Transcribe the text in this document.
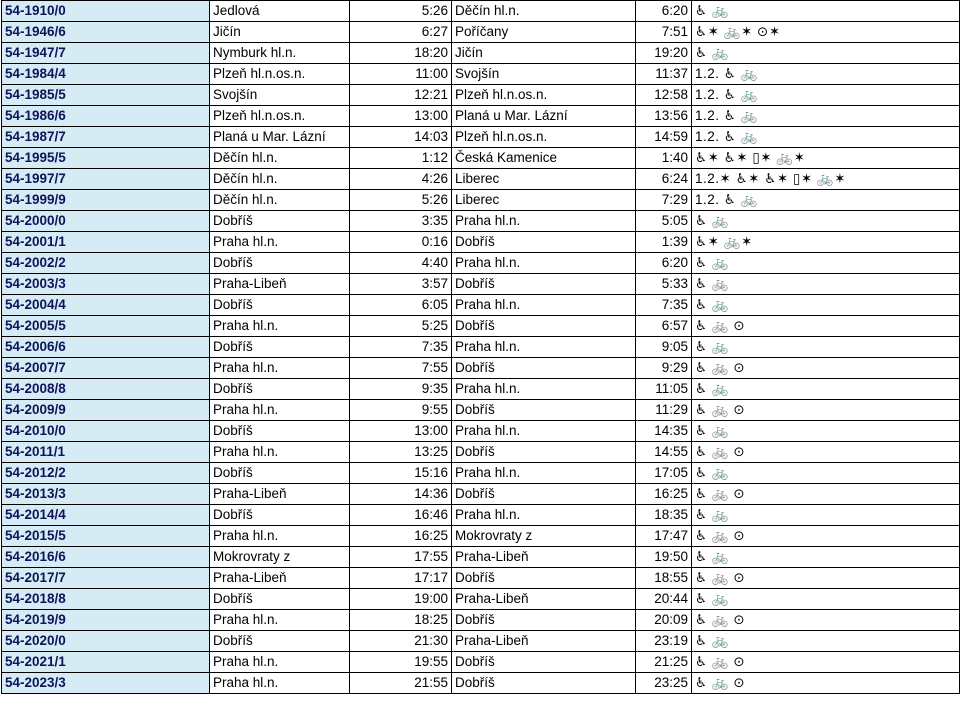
54-1910/0	Jedlová	5:26	Děčín hl.n.	6:20	♿ 🚲
54-1946/6	Jičín	6:27	Poříčany	7:51	♿✶ 🚲✶ ⊙✶
54-1947/7	Nymburk hl.n.	18:20	Jičín	19:20	♿ 🚲
54-1984/4	Plzeň hl.n.os.n.	11:00	Svojšín	11:37	1.2. ♿ 🚲
54-1985/5	Svojšín	12:21	Plzeň hl.n.os.n.	12:58	1.2. ♿ 🚲
54-1986/6	Plzeň hl.n.os.n.	13:00	Planá u Mar. Lázní	13:56	1.2. ♿ 🚲
54-1987/7	Planá u Mar. Lázní	14:03	Plzeň hl.n.os.n.	14:59	1.2. ♿ 🚲
54-1995/5	Děčín hl.n.	1:12	Česká Kamenice	1:40	♿✶ ♿✶ ▯✶ 🚲✶
54-1997/7	Děčín hl.n.	4:26	Liberec	6:24	1.2.✶ ♿✶ ♿✶ ▯✶ 🚲✶
54-1999/9	Děčín hl.n.	5:26	Liberec	7:29	1.2. ♿ 🚲
54-2000/0	Dobříš	3:35	Praha hl.n.	5:05	♿ 🚲
54-2001/1	Praha hl.n.	0:16	Dobříš	1:39	♿✶ 🚲✶
54-2002/2	Dobříš	4:40	Praha hl.n.	6:20	♿ 🚲
54-2003/3	Praha-Libeň	3:57	Dobříš	5:33	♿ 🚲
54-2004/4	Dobříš	6:05	Praha hl.n.	7:35	♿ 🚲
54-2005/5	Praha hl.n.	5:25	Dobříš	6:57	♿ 🚲 ⊙
54-2006/6	Dobříš	7:35	Praha hl.n.	9:05	♿ 🚲
54-2007/7	Praha hl.n.	7:55	Dobříš	9:29	♿ 🚲 ⊙
54-2008/8	Dobříš	9:35	Praha hl.n.	11:05	♿ 🚲
54-2009/9	Praha hl.n.	9:55	Dobříš	11:29	♿ 🚲 ⊙
54-2010/0	Dobříš	13:00	Praha hl.n.	14:35	♿ 🚲
54-2011/1	Praha hl.n.	13:25	Dobříš	14:55	♿ 🚲 ⊙
54-2012/2	Dobříš	15:16	Praha hl.n.	17:05	♿ 🚲
54-2013/3	Praha-Libeň	14:36	Dobříš	16:25	♿ 🚲 ⊙
54-2014/4	Dobříš	16:46	Praha hl.n.	18:35	♿ 🚲
54-2015/5	Praha hl.n.	16:25	Mokrovraty z	17:47	♿ 🚲 ⊙
54-2016/6	Mokrovraty z	17:55	Praha-Libeň	19:50	♿ 🚲
54-2017/7	Praha-Libeň	17:17	Dobříš	18:55	♿ 🚲 ⊙
54-2018/8	Dobříš	19:00	Praha-Libeň	20:44	♿ 🚲
54-2019/9	Praha hl.n.	18:25	Dobříš	20:09	♿ 🚲 ⊙
54-2020/0	Dobříš	21:30	Praha-Libeň	23:19	♿ 🚲
54-2021/1	Praha hl.n.	19:55	Dobříš	21:25	♿ 🚲 ⊙
54-2023/3	Praha hl.n.	21:55	Dobříš	23:25	♿ 🚲 ⊙
